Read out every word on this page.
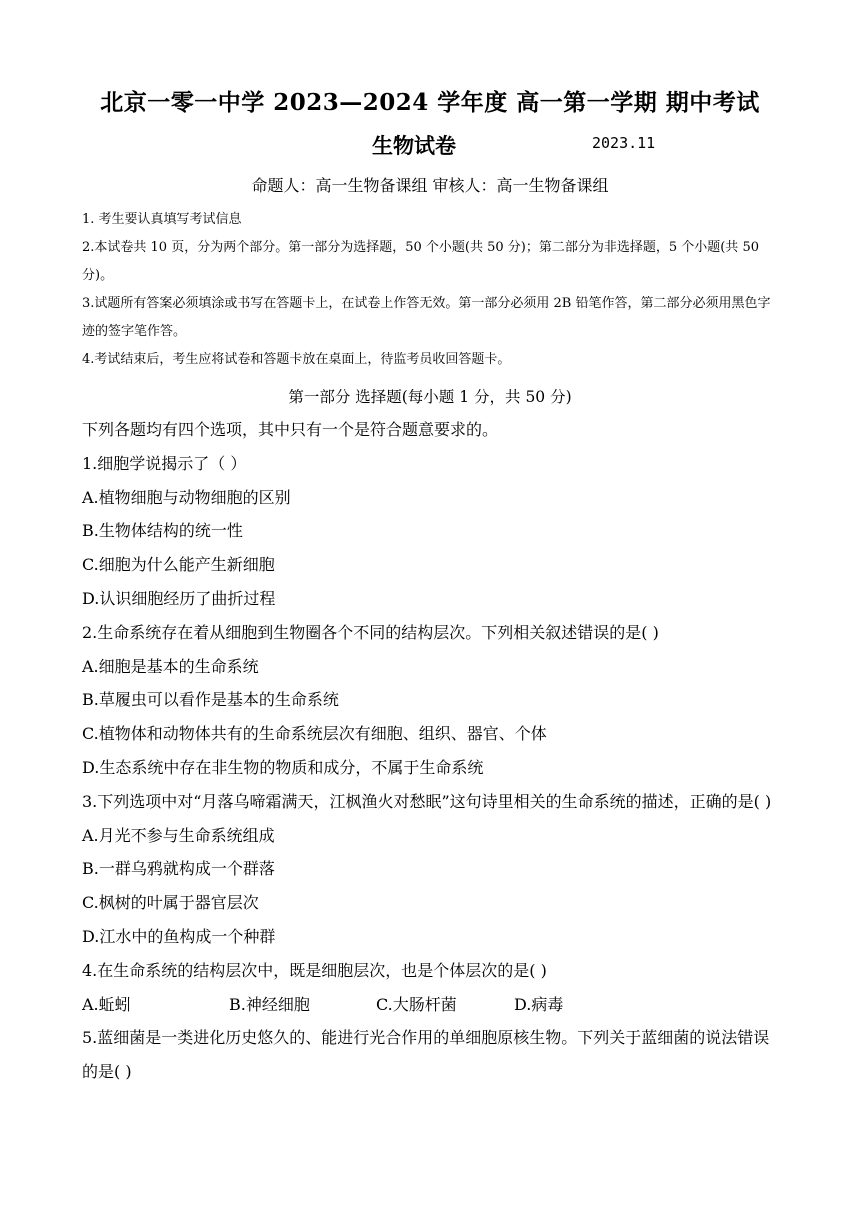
北京一零一中学 2023—2024 学年度 高一第一学期 期中考试
生物试卷	2023.11
命题人：高一生物备课组 审核人：高一生物备课组

1. 考生要认真填写考试信息

2.本试卷共 10 页，分为两个部分。第一部分为选择题，50 个小题(共 50 分)；第二部分为非选择题，5 个小题(共 50 分)。

3.试题所有答案必须填涂或书写在答题卡上，在试卷上作答无效。第一部分必须用 2B 铅笔作答，第二部分必须用黑色字迹的签字笔作答。

4.考试结束后，考生应将试卷和答题卡放在桌面上，待监考员收回答题卡。

第一部分 选择题(每小题 1 分，共 50 分)

下列各题均有四个选项，其中只有一个是符合题意要求的。

1.细胞学说揭示了（ ）

A.植物细胞与动物细胞的区别

B.生物体结构的统一性

C.细胞为什么能产生新细胞

D.认识细胞经历了曲折过程

2.生命系统存在着从细胞到生物圈各个不同的结构层次。下列相关叙述错误的是( )

A.细胞是基本的生命系统

B.草履虫可以看作是基本的生命系统

C.植物体和动物体共有的生命系统层次有细胞、组织、器官、个体

D.生态系统中存在非生物的物质和成分，不属于生命系统

3.下列选项中对“月落乌啼霜满天，江枫渔火对愁眠”这句诗里相关的生命系统的描述，正确的是( )

A.月光不参与生命系统组成

B.一群乌鸦就构成一个群落

C.枫树的叶属于器官层次

D.江水中的鱼构成一个种群

4.在生命系统的结构层次中，既是细胞层次，也是个体层次的是( )

A.蚯蚓	B.神经细胞	C.大肠杆菌	D.病毒

5.蓝细菌是一类进化历史悠久的、能进行光合作用的单细胞原核生物。下列关于蓝细菌的说法错误的是( )
